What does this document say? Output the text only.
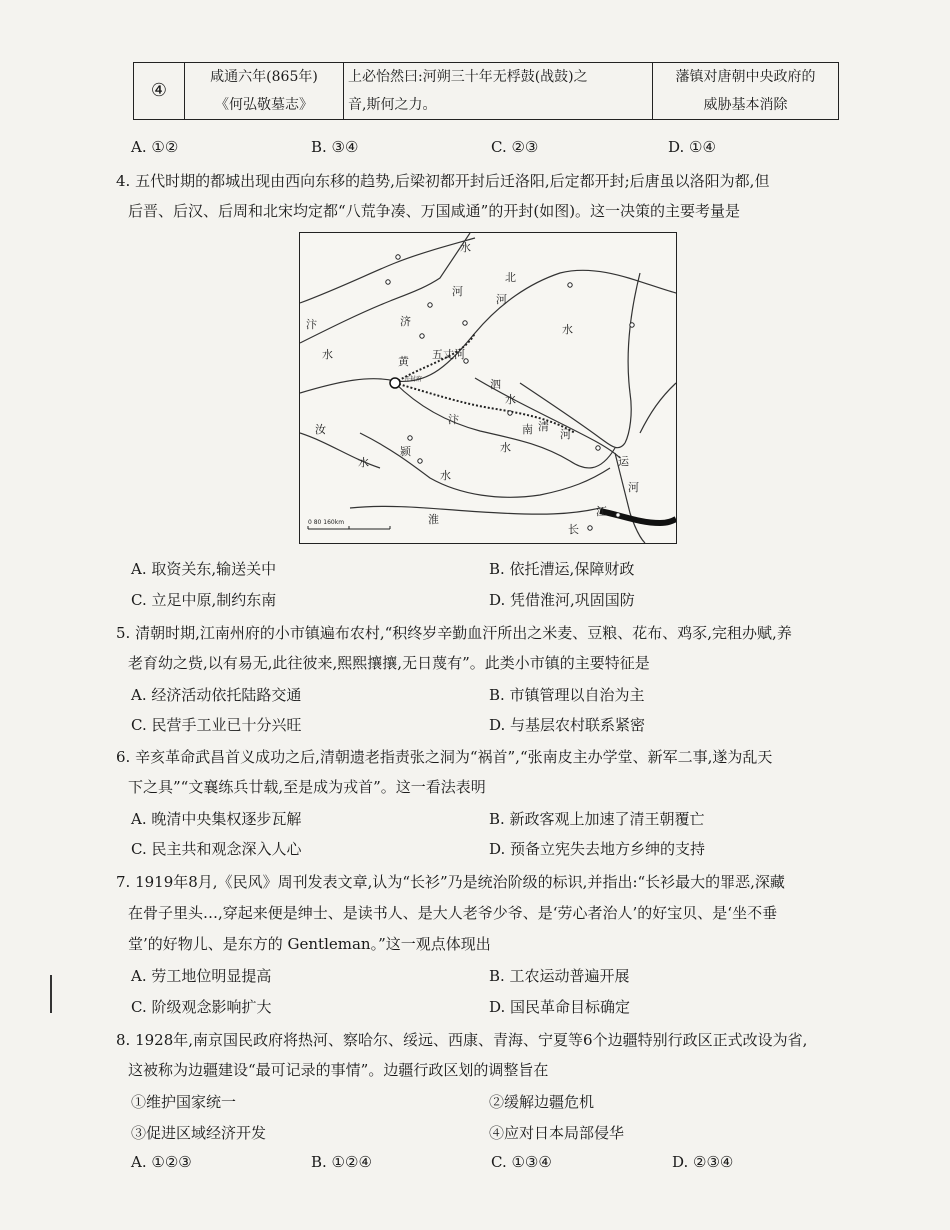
④	
咸通六年(865年)
《何弘敬墓志》

上必怡然曰:河朔三十年无桴鼓(战鼓)之
音,斯何之力。

藩镇对唐朝中央政府的
威胁基本消除
A. ①②	B. ③④	C. ②③	D. ①④
4. 五代时期的都城出现由西向东移的趋势,后梁初都开封后迁洛阳,后定都开封;后唐虽以洛阳为都,但
后晋、后汉、后周和北宋均定都“八荒争凑、万国咸通”的开封(如图)。这一决策的主要考量是
开封府
水
河
北
河
济
汴
水
黄
五丈河
泗
水
水
汝
汴
南 清
河
颍
水
水
水
淮
运
河
江
长
0 80 160km
A. 取资关东,输送关中	B. 依托漕运,保障财政
C. 立足中原,制约东南	D. 凭借淮河,巩固国防
5. 清朝时期,江南州府的小市镇遍布农村,“积终岁辛勤血汗所出之米麦、豆粮、花布、鸡豕,完租办赋,养
老育幼之赀,以有易无,此往彼来,熙熙攘攘,无日蔑有”。此类小市镇的主要特征是
A. 经济活动依托陆路交通	B. 市镇管理以自治为主
C. 民营手工业已十分兴旺	D. 与基层农村联系紧密
6. 辛亥革命武昌首义成功之后,清朝遗老指责张之洞为“祸首”,“张南皮主办学堂、新军二事,遂为乱天
下之具”“文襄练兵廿载,至是成为戎首”。这一看法表明
A. 晚清中央集权逐步瓦解	B. 新政客观上加速了清王朝覆亡
C. 民主共和观念深入人心	D. 预备立宪失去地方乡绅的支持
7. 1919年8月,《民风》周刊发表文章,认为“长衫”乃是统治阶级的标识,并指出:“长衫最大的罪恶,深藏
在骨子里头…,穿起来便是绅士、是读书人、是大人老爷少爷、是‘劳心者治人’的好宝贝、是‘坐不垂
堂’的好物儿、是东方的 Gentleman。”这一观点体现出
A. 劳工地位明显提高	B. 工农运动普遍开展
C. 阶级观念影响扩大	D. 国民革命目标确定
8. 1928年,南京国民政府将热河、察哈尔、绥远、西康、青海、宁夏等6个边疆特别行政区正式改设为省,
这被称为边疆建设“最可记录的事情”。边疆行政区划的调整旨在
①维护国家统一	②缓解边疆危机
③促进区域经济开发	④应对日本局部侵华
A. ①②③	B. ①②④	C. ①③④	D. ②③④
